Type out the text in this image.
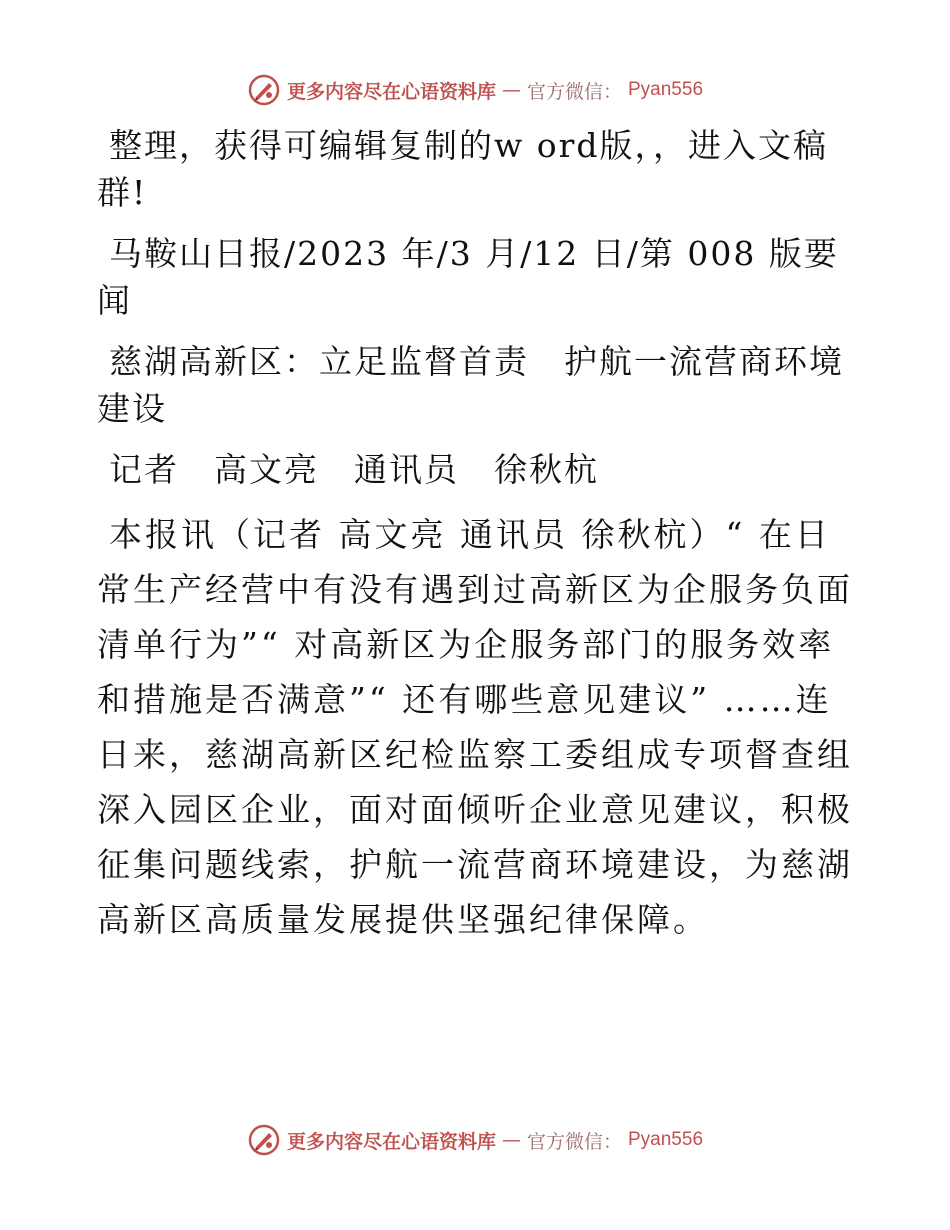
更多内容尽在心语资料库 — 官方微信： Pyan556

整理，获得可编辑复制的w ord版，，进入文稿群!

马鞍山日报/2023 年/3 月/12 日/第 008 版要闻

慈湖高新区：立足监督首责　护航一流营商环境建设

记者　高文亮　通讯员　徐秋杭

本报讯（记者 高文亮 通讯员 徐秋杭）“ 在日常生产经营中有没有遇到过高新区为企服务负面清单行为”“ 对高新区为企服务部门的服务效率和措施是否满意”“ 还有哪些意见建议” ……连日来，慈湖高新区纪检监察工委组成专项督查组深入园区企业，面对面倾听企业意见建议，积极征集问题线索，护航一流营商环境建设，为慈湖高新区高质量发展提供坚强纪律保障。

更多内容尽在心语资料库 — 官方微信： Pyan556
